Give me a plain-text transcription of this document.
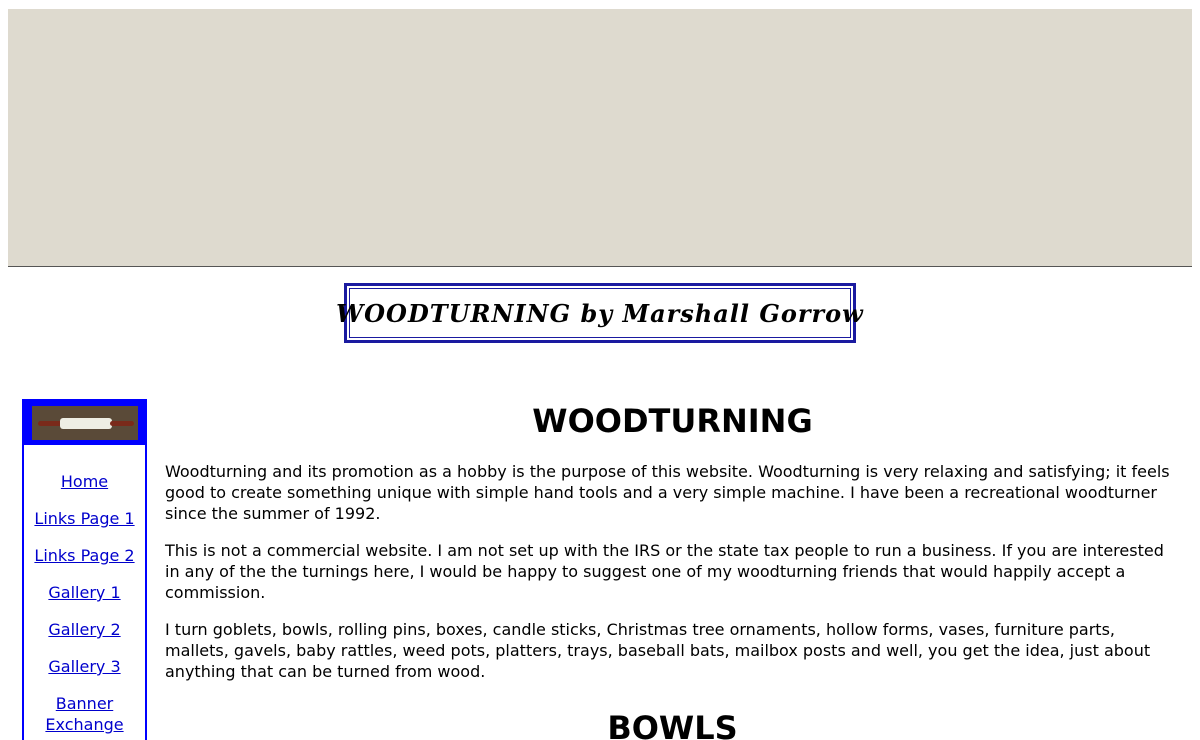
WOODTURNING by Marshall Gorrow
Home
Links Page 1
Links Page 2
Gallery 1
Gallery 2
Gallery 3
Banner Exchange
WOODTURNING

Woodturning and its promotion as a hobby is the purpose of this website. Woodturning is very relaxing and satisfying; it feels good to create something unique with simple hand tools and a very simple machine. I have been a recreational woodturner since the summer of 1992.

This is not a commercial website. I am not set up with the IRS or the state tax people to run a business. If you are interested in any of the the turnings here, I would be happy to suggest one of my woodturning friends that would happily accept a commission.

I turn goblets, bowls, rolling pins, boxes, candle sticks, Christmas tree ornaments, hollow forms, vases, furniture parts, mallets, gavels, baby rattles, weed pots, platters, trays, baseball bats, mailbox posts and well, you get the idea, just about anything that can be turned from wood.

BOWLS
